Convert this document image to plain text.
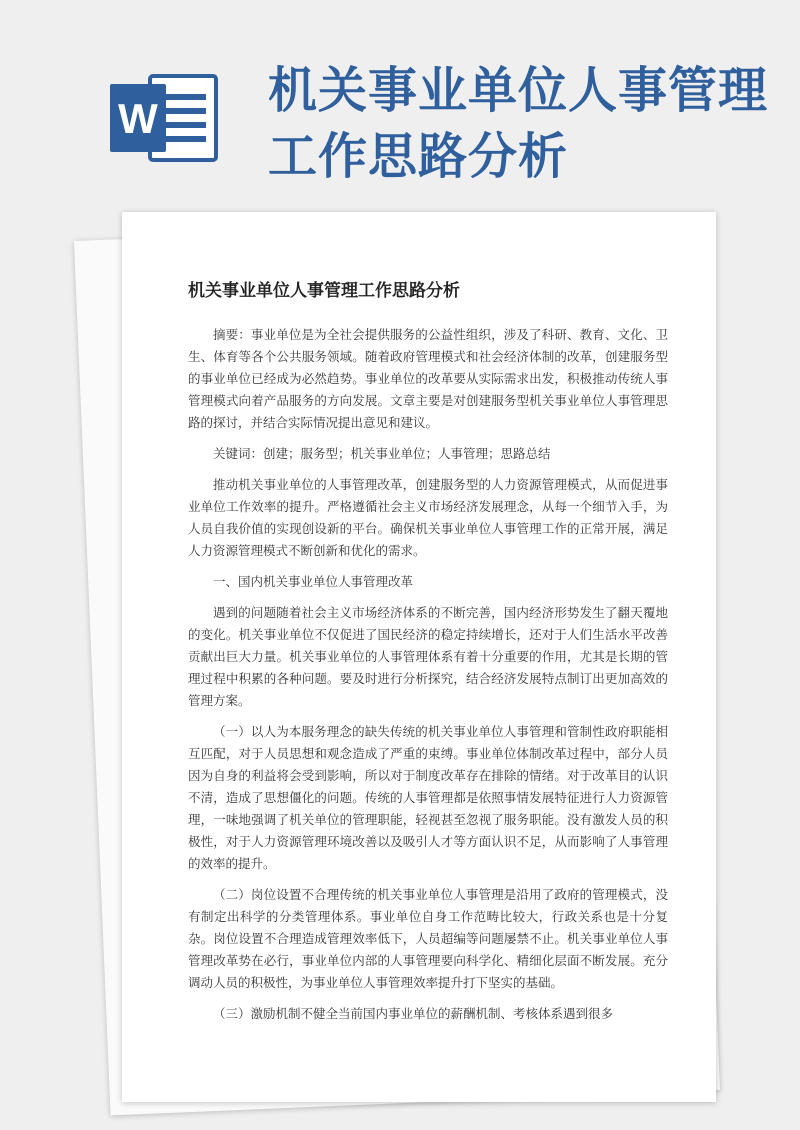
W 机关事业单位人事管理工作思路分析
机关事业单位人事管理工作思路分析

摘要：事业单位是为全社会提供服务的公益性组织，涉及了科研、教育、文化、卫生、体育等各个公共服务领域。随着政府管理模式和社会经济体制的改革，创建服务型的事业单位已经成为必然趋势。事业单位的改革要从实际需求出发，积极推动传统人事管理模式向着产品服务的方向发展。文章主要是对创建服务型机关事业单位人事管理思路的探讨，并结合实际情况提出意见和建议。

关键词：创建；服务型；机关事业单位；人事管理；思路总结

推动机关事业单位的人事管理改革，创建服务型的人力资源管理模式，从而促进事业单位工作效率的提升。严格遵循社会主义市场经济发展理念，从每一个细节入手，为人员自我价值的实现创设新的平台。确保机关事业单位人事管理工作的正常开展，满足人力资源管理模式不断创新和优化的需求。

一、国内机关事业单位人事管理改革

遇到的问题随着社会主义市场经济体系的不断完善，国内经济形势发生了翻天覆地的变化。机关事业单位不仅促进了国民经济的稳定持续增长，还对于人们生活水平改善贡献出巨大力量。机关事业单位的人事管理体系有着十分重要的作用，尤其是长期的管理过程中积累的各种问题。要及时进行分析探究，结合经济发展特点制订出更加高效的管理方案。

（一）以人为本服务理念的缺失传统的机关事业单位人事管理和管制性政府职能相互匹配，对于人员思想和观念造成了严重的束缚。事业单位体制改革过程中，部分人员因为自身的利益将会受到影响，所以对于制度改革存在排除的情绪。对于改革目的认识不清，造成了思想僵化的问题。传统的人事管理都是依照事情发展特征进行人力资源管理，一味地强调了机关单位的管理职能，轻视甚至忽视了服务职能。没有激发人员的积极性，对于人力资源管理环境改善以及吸引人才等方面认识不足，从而影响了人事管理的效率的提升。

（二）岗位设置不合理传统的机关事业单位人事管理是沿用了政府的管理模式，没有制定出科学的分类管理体系。事业单位自身工作范畴比较大，行政关系也是十分复杂。岗位设置不合理造成管理效率低下，人员超编等问题屡禁不止。机关事业单位人事管理改革势在必行，事业单位内部的人事管理要向科学化、精细化层面不断发展。充分调动人员的积极性，为事业单位人事管理效率提升打下坚实的基础。

（三）激励机制不健全当前国内事业单位的薪酬机制、考核体系遇到很多
